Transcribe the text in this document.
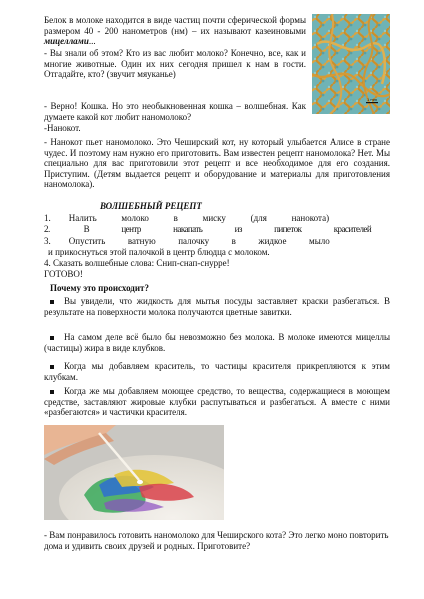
Белок в молоке находится в виде частиц почти сферической формы размером 40 - 200 нанометров (нм) – их называют казеиновыми мицеллами...

- Вы знали об этом? Кто из вас любит молоко? Конечно, все, как и многие животные. Один их них сегодня пришел к нам в гости. Отгадайте, кто? (звучит мяуканье)

- Верно! Кошка. Но это необыкновенная кошка – волшебная. Как думаете какой кот любит наномолоко?

-Нанокот.

1 mm

- Нанокот пьет наномолоко. Это Чеширский кот, ну который улыбается Алисе в стране чудес. И поэтому нам нужно его приготовить. Вам известен рецепт наномолока? Нет. Мы специально для вас приготовили этот рецепт и все необходимое для его создания. Приступим. (Детям выдается рецепт и оборудование и материалы для приготовления наномолока).

ВОЛШЕБНЫЙ РЕЦЕПТ

1.        Налить           молоко           в           миску           (для           нанокота)

2.                    В                   центр                   накапать                   из                   пипеток                   красителей

3.        Опустить          ватную          палочку          в          жидкое          мыло

и прикоснуться этой палочкой в центр блюдца с молоком.

4. Сказать волшебные слова: Снип-снап-снурре!

ГОТОВО!

Почему это происходит?

Вы увидели, что жидкость для мытья посуды заставляет краски разбегаться. В результате на поверхности молока получаются цветные завитки.

На самом деле всё было бы невозможно без молока. В молоке имеются мицеллы (частицы) жира в виде клубков.

Когда мы добавляем краситель, то частицы красителя прикрепляются к этим клубкам.

Когда же мы добавляем моющее средство, то вещества, содержащиеся в моющем средстве, заставляют жировые клубки распутываться и разбегаться. А вместе с ними «разбегаются» и частички красителя.

- Вам понравилось готовить наномолоко для Чеширского кота? Это легко моно повторить дома и удивить своих друзей и родных. Приготовите?
